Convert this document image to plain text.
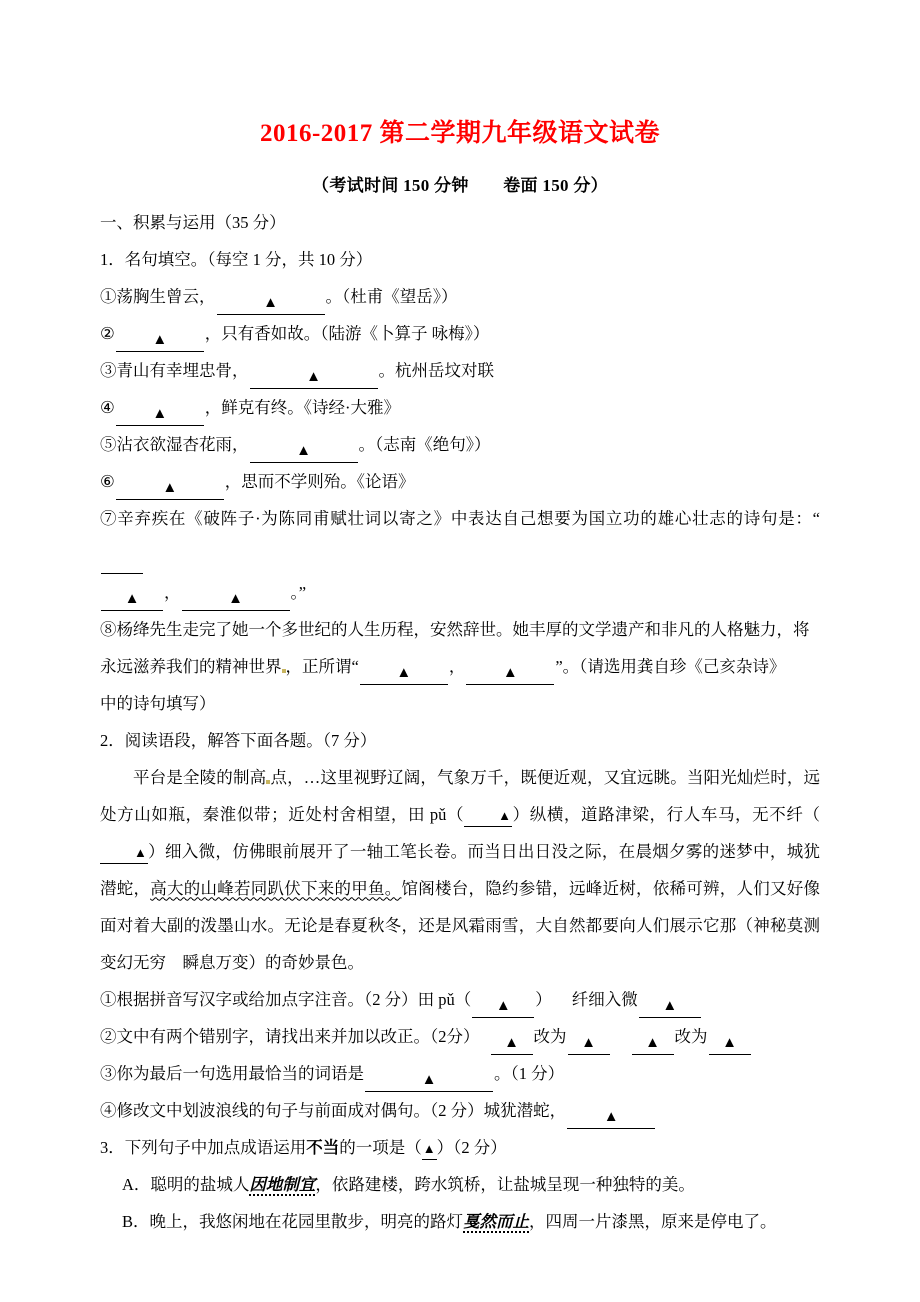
2016-2017 第二学期九年级语文试卷
（考试时间 150 分钟　　卷面 150 分）
一、积累与运用（35 分）
1．名句填空。（每空 1 分，共 10 分）
①荡胸生曾云，	▲	。（杜甫《望岳》）
②	▲ ，只有香如故。（陆游《卜算子 咏梅》）
③青山有幸埋忠骨，	▲	。杭州岳坟对联
④	▲ ，鲜克有终。《诗经·大雅》
⑤沾衣欲湿杏花雨，	▲	。（志南《绝句》）
⑥	▲	，思而不学则殆。《论语》
⑦辛弃疾在《破阵子·为陈同甫赋壮词以寄之》中表达自己想要为国立功的雄心壮志的诗句是：“
▲ ，	▲	。”
⑧杨绛先生走完了她一个多世纪的人生历程，安然辞世。她丰厚的文学遗产和非凡的人格魅力，将
永远滋养我们的精神世界 ，正所谓“	▲ ，	▲ ”。（请选用龚自珍《己亥杂诗》
中的诗句填写）
2．阅读语段，解答下面各题。（7 分）
平台是全陵的制高 点，…这里视野辽阔，气象万千，既便近观，又宜远眺。当阳光灿烂时，远处方山如瓶，秦淮似带；近处村舍相望，田 pǔ（	▲）纵横，道路津梁，行人车马，无不纤（▲）细入微，仿佛眼前展开了一轴工笔长卷。而当日出日没之际，在晨烟夕雾的迷梦中，城犹潜蛇，高大的山峰若同趴伏下来的甲鱼。馆阁楼台，隐约参错，远峰近树，依稀可辨，人们又好像面对着大副的泼墨山水。无论是春夏秋冬，还是风霜雨雪，大自然都要向人们展示它那（神秘莫测　变幻无穷　瞬息万变）的奇妙景色。
①根据拼音写汉字或给加点字注音。（2 分）田 pǔ（ ▲ ） 纤细入微 ▲
②文中有两个错别字，请找出来并加以改正。（2分） ▲ 改为 ▲	▲ 改为 ▲
③你为最后一句选用最恰当的词语是	▲	。（1 分）
④修改文中划波浪线的句子与前面成对偶句。（2 分）城犹潜蛇，	▲
3．下列句子中加点成语运用不当的一项是（▲）（2 分）
A．聪明的盐城人因地制宜，依路建楼，跨水筑桥，让盐城呈现一种独特的美。
B．晚上，我悠闲地在花园里散步，明亮的路灯戛然而止，四周一片漆黑，原来是停电了。
